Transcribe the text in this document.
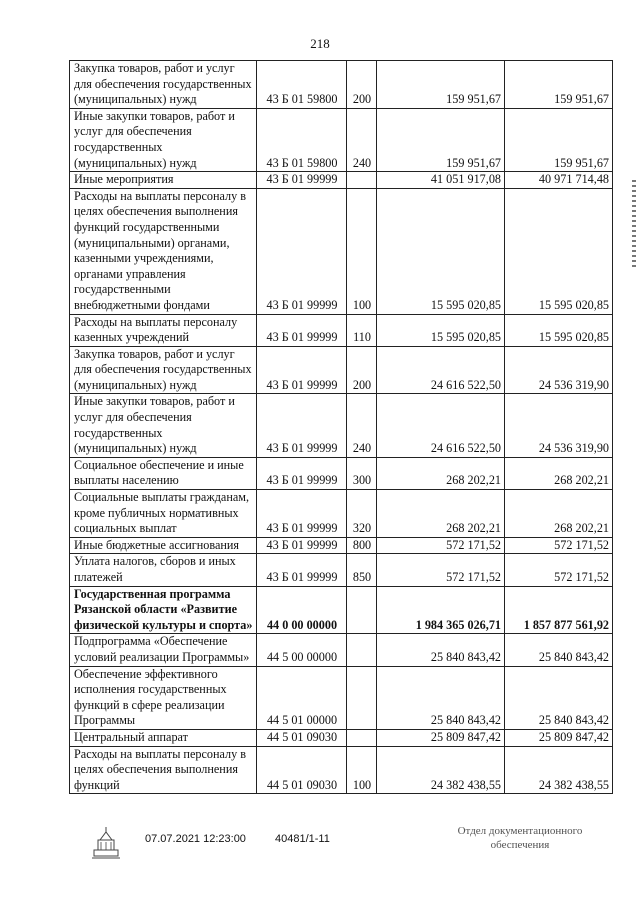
218
Закупка товаров, работ и услуг для обеспечения государственных (муниципальных) нужд	43 Б 01 59800	200	159 951,67	159 951,67
Иные закупки товаров, работ и услуг для обеспечения государственных (муниципальных) нужд	43 Б 01 59800	240	159 951,67	159 951,67
Иные мероприятия	43 Б 01 99999		41 051 917,08	40 971 714,48
Расходы на выплаты персоналу в целях обеспечения выполнения функций государственными (муниципальными) органами, казенными учреждениями, органами управления государственными внебюджетными фондами	43 Б 01 99999	100	15 595 020,85	15 595 020,85
Расходы на выплаты персоналу казенных учреждений	43 Б 01 99999	110	15 595 020,85	15 595 020,85
Закупка товаров, работ и услуг для обеспечения государственных (муниципальных) нужд	43 Б 01 99999	200	24 616 522,50	24 536 319,90
Иные закупки товаров, работ и услуг для обеспечения государственных (муниципальных) нужд	43 Б 01 99999	240	24 616 522,50	24 536 319,90
Социальное обеспечение и иные выплаты населению	43 Б 01 99999	300	268 202,21	268 202,21
Социальные выплаты гражданам, кроме публичных нормативных социальных выплат	43 Б 01 99999	320	268 202,21	268 202,21
Иные бюджетные ассигнования	43 Б 01 99999	800	572 171,52	572 171,52
Уплата налогов, сборов и иных платежей	43 Б 01 99999	850	572 171,52	572 171,52
Государственная программа Рязанской области «Развитие физической культуры и спорта»	44 0 00 00000		1 984 365 026,71	1 857 877 561,92
Подпрограмма «Обеспечение условий реализации Программы»	44 5 00 00000		25 840 843,42	25 840 843,42
Обеспечение эффективного исполнения государственных функций в сфере реализации Программы	44 5 01 00000		25 840 843,42	25 840 843,42
Центральный аппарат	44 5 01 09030		25 809 847,42	25 809 847,42
Расходы на выплаты персоналу в целях обеспечения выполнения функций	44 5 01 09030	100	24 382 438,55	24 382 438,55
07.07.2021 12:23:00	40481/1-11
Отдел документационного
обеспечения
